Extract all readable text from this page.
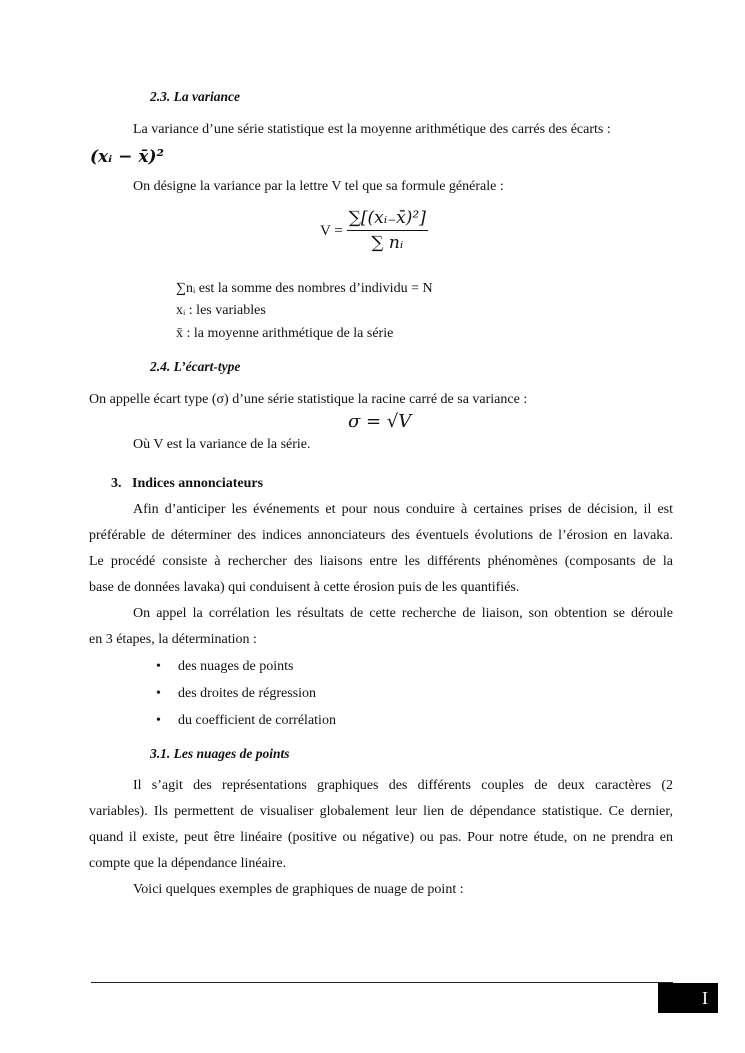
2.3. La variance
La variance d’une série statistique est la moyenne arithmétique des carrés des écarts :
(xᵢ − x̄)²
On désigne la variance par la lettre V tel que sa formule générale :
$V = \frac{\text{∑[(xᵢ₋x̄)²]}}{\text{∑ nᵢ}}$
∑nᵢ est la somme des nombres d’individu = N
xᵢ : les variables
x̄ : la moyenne arithmétique de la série
2.4. L’écart-type
On appelle écart type (σ) d’une série statistique la racine carré de sa variance :
σ = √V
Où V est la variance de la série.
3. Indices annonciateurs
Afin d’anticiper les événements et pour nous conduire à certaines prises de décision, il est
préférable de déterminer des indices annonciateurs des éventuels évolutions de l’érosion en lavaka.
Le procédé consiste à rechercher des liaisons entre les différents phénomènes (composants de la
base de données lavaka) qui conduisent à cette érosion puis de les quantifiés.
On appel la corrélation les résultats de cette recherche de liaison, son obtention se déroule
en 3 étapes, la détermination :
• des nuages de points
• des droites de régression
• du coefficient de corrélation
3.1. Les nuages de points
Il s’agit des représentations graphiques des différents couples de deux caractères (2
variables). Ils permettent de visualiser globalement leur lien de dépendance statistique. Ce dernier,
quand il existe, peut être linéaire (positive ou négative) ou pas. Pour notre étude, on ne prendra en
compte que la dépendance linéaire.
Voici quelques exemples de graphiques de nuage de point :
I
